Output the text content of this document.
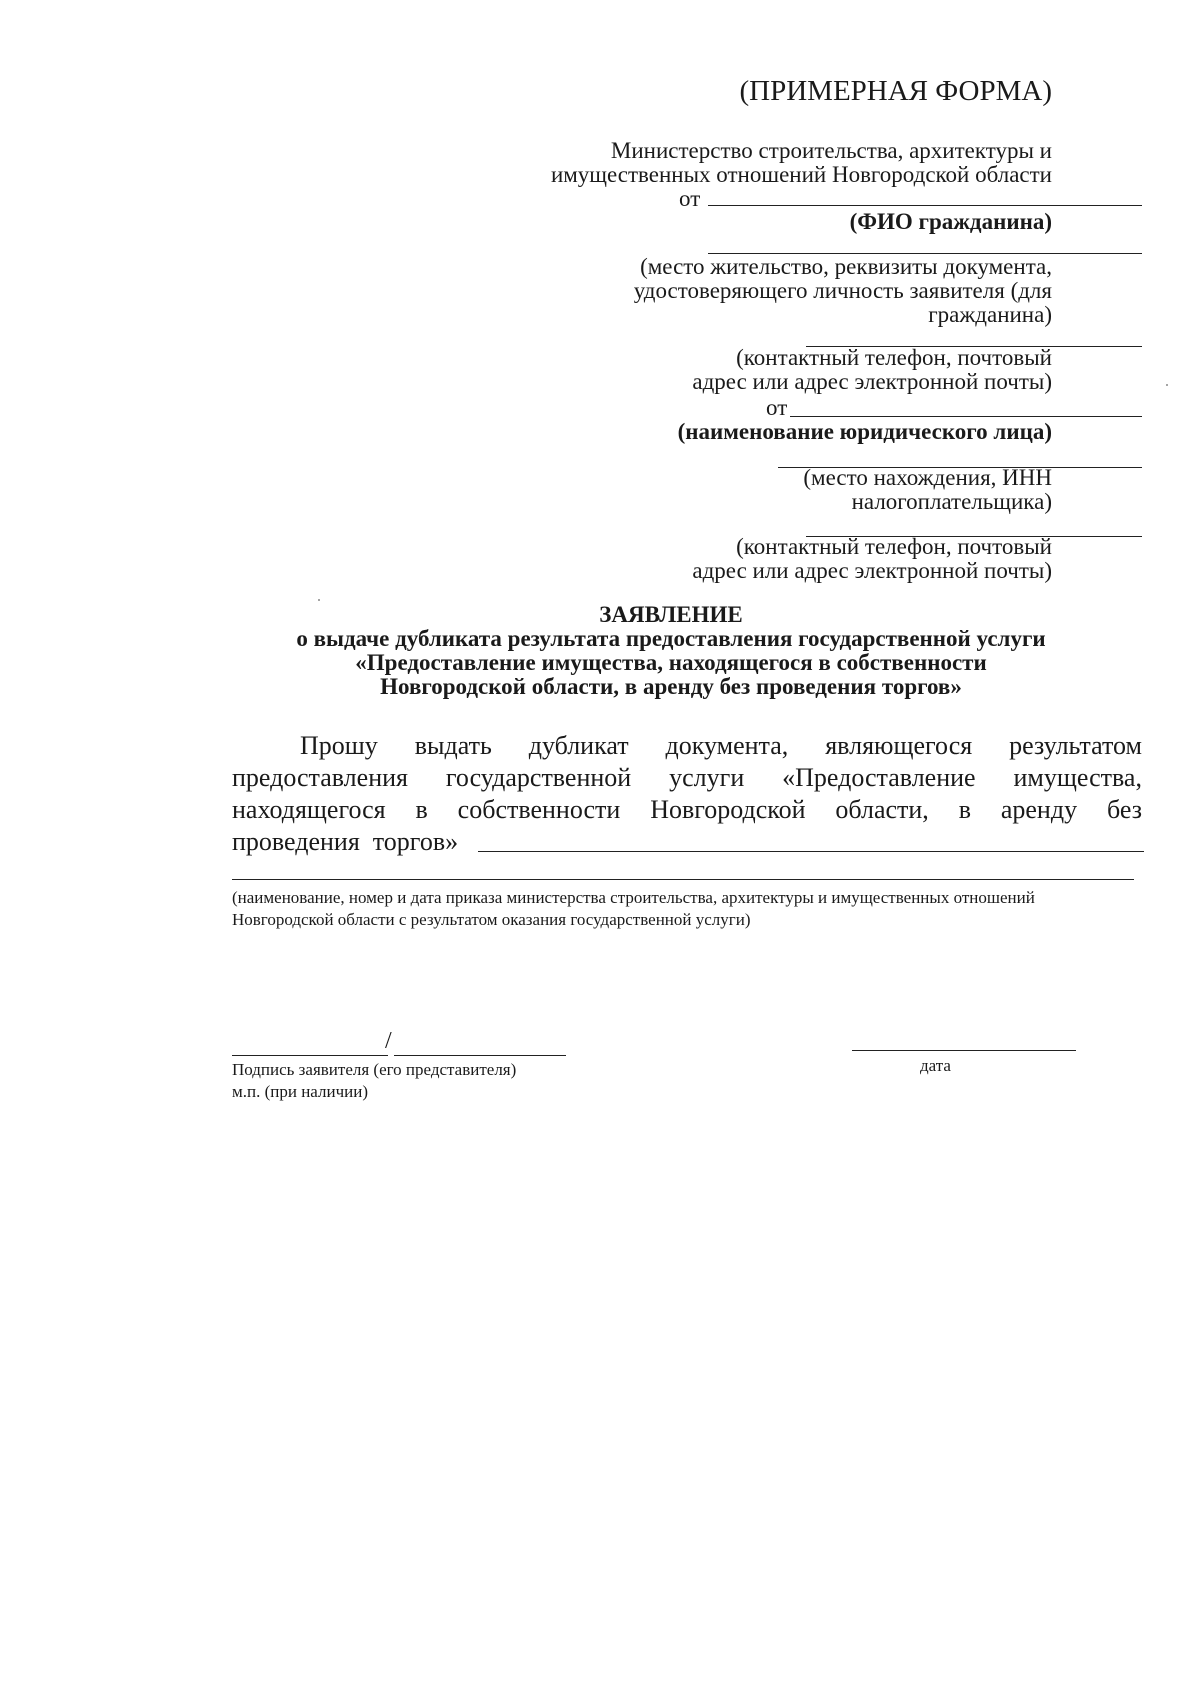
(ПРИМЕРНАЯ ФОРМА)
Министерство строительства, архитектуры и
имущественных отношений Новгородской области
от
(ФИО гражданина)
(место жительство, реквизиты документа,
удостоверяющего личность заявителя (для
гражданина)
(контактный телефон, почтовый
адрес или адрес электронной почты)
от
(наименование юридического лица)
(место нахождения, ИНН
налогоплательщика)
(контактный телефон, почтовый
адрес или адрес электронной почты)
ЗАЯВЛЕНИЕ
о выдаче дубликата результата предоставления государственной услуги
«Предоставление имущества, находящегося в собственности
Новгородской области, в аренду без проведения торгов»
Прошу выдать дубликат документа, являющегося результатом
предоставления государственной услуги «Предоставление имущества,
находящегося в собственности Новгородской области, в аренду без
проведения  торгов»
(наименование, номер и дата приказа министерства строительства, архитектуры и имущественных отношений
Новгородской области с результатом оказания государственной услуги)
/
Подпись заявителя (его представителя)
м.п. (при наличии)
дата
